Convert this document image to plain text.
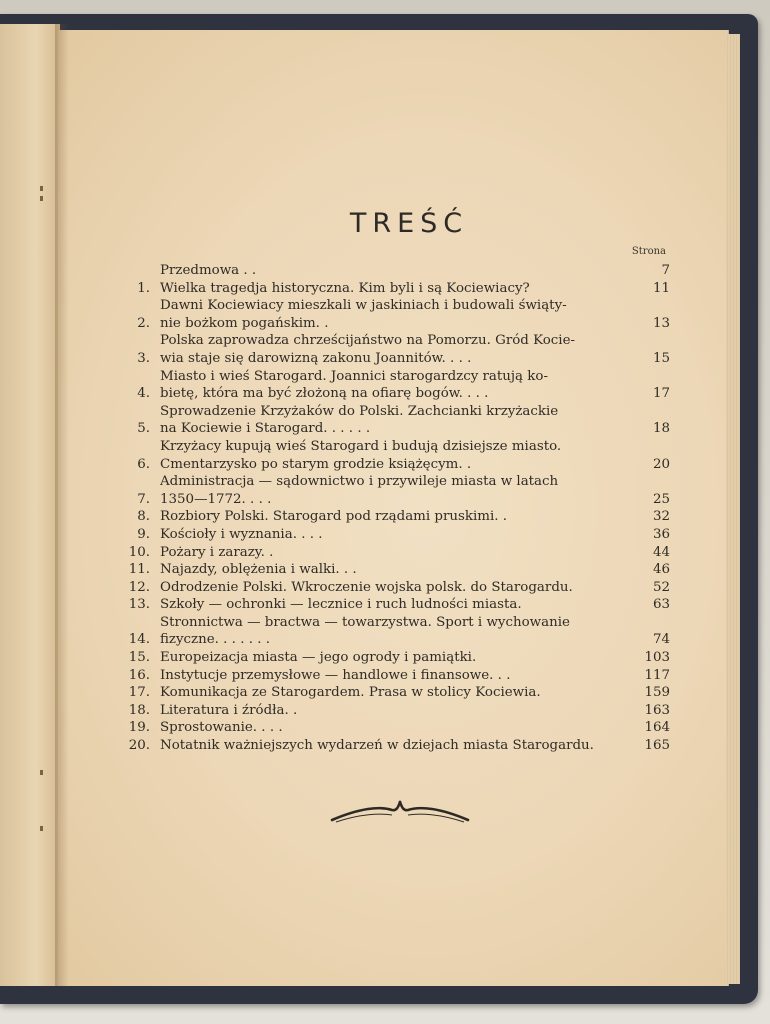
TREŚĆ
Strona
Przedmowa . .	7
1. Wielka tragedja historyczna. Kim byli i są Kociewiacy?	11
2.
Dawni Kociewiacy mieszkali w jaskiniach i budowali świąty-
nie bożkom pogańskim. .	13
3.
Polska zaprowadza chrześcijaństwo na Pomorzu. Gród Kocie-
wia staje się darowizną zakonu Joannitów. . . .	15
4.
Miasto i wieś Starogard. Joannici starogardzcy ratują ko-
bietę, która ma być złożoną na ofiarę bogów. . . .	17
5.
Sprowadzenie Krzyżaków do Polski. Zachcianki krzyżackie
na Kociewie i Starogard. . . . . .	18
6.
Krzyżacy kupują wieś Starogard i budują dzisiejsze miasto.
Cmentarzysko po starym grodzie książęcym. .	20
7.
Administracja — sądownictwo i przywileje miasta w latach
1350—1772. . . .	25
8. Rozbiory Polski. Starogard pod rządami pruskimi. .	32
9. Kościoły i wyznania. . . .	36
10. Pożary i zarazy. .	44
11. Najazdy, oblężenia i walki. . .	46
12. Odrodzenie Polski. Wkroczenie wojska polsk. do Starogardu.	52
13. Szkoły — ochronki — lecznice i ruch ludności miasta.	63
14.
Stronnictwa — bractwa — towarzystwa. Sport i wychowanie
fizyczne. . . . . . .	74
15. Europeizacja miasta — jego ogrody i pamiątki.	103
16. Instytucje przemysłowe — handlowe i finansowe. . .	117
17. Komunikacja ze Starogardem. Prasa w stolicy Kociewia.	159
18. Literatura i źródła. .	163
19. Sprostowanie. . . .	164
20. Notatnik ważniejszych wydarzeń w dziejach miasta Starogardu.	165
